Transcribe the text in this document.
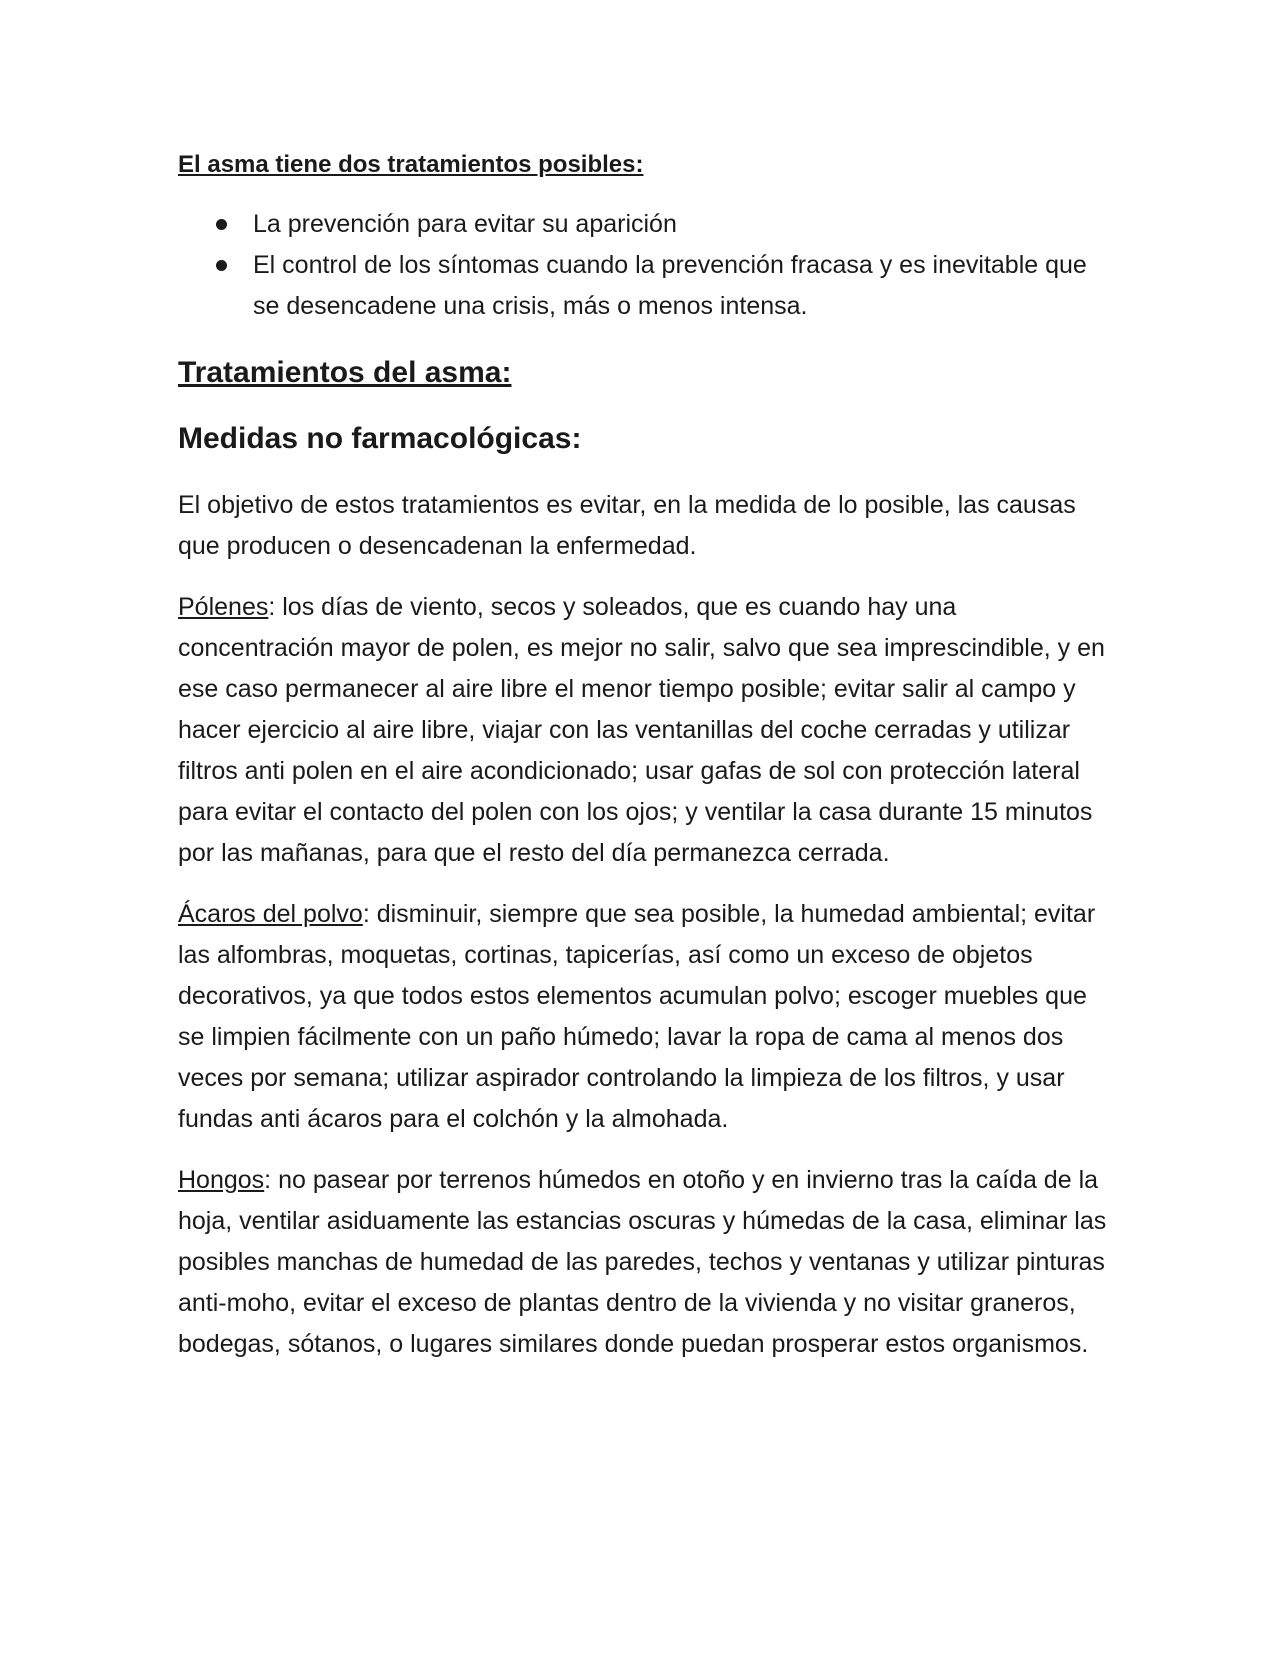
El asma tiene dos tratamientos posibles:
La prevención para evitar su aparición
El control de los síntomas cuando la prevención fracasa y es inevitable que se desencadene una crisis, más o menos intensa.
Tratamientos del asma:
Medidas no farmacológicas:

El objetivo de estos tratamientos es evitar, en la medida de lo posible, las causas que producen o desencadenan la enfermedad.

Pólenes: los días de viento, secos y soleados, que es cuando hay una concentración mayor de polen, es mejor no salir, salvo que sea imprescindible, y en ese caso permanecer al aire libre el menor tiempo posible; evitar salir al campo y hacer ejercicio al aire libre, viajar con las ventanillas del coche cerradas y utilizar filtros anti polen en el aire acondicionado; usar gafas de sol con protección lateral para evitar el contacto del polen con los ojos; y ventilar la casa durante 15 minutos por las mañanas, para que el resto del día permanezca cerrada.

Ácaros del polvo: disminuir, siempre que sea posible, la humedad ambiental; evitar las alfombras, moquetas, cortinas, tapicerías, así como un exceso de objetos decorativos, ya que todos estos elementos acumulan polvo; escoger muebles que se limpien fácilmente con un paño húmedo; lavar la ropa de cama al menos dos veces por semana; utilizar aspirador controlando la limpieza de los filtros, y usar fundas anti ácaros para el colchón y la almohada.

Hongos: no pasear por terrenos húmedos en otoño y en invierno tras la caída de la hoja, ventilar asiduamente las estancias oscuras y húmedas de la casa, eliminar las posibles manchas de humedad de las paredes, techos y ventanas y utilizar pinturas anti-moho, evitar el exceso de plantas dentro de la vivienda y no visitar graneros, bodegas, sótanos, o lugares similares donde puedan prosperar estos organismos.
